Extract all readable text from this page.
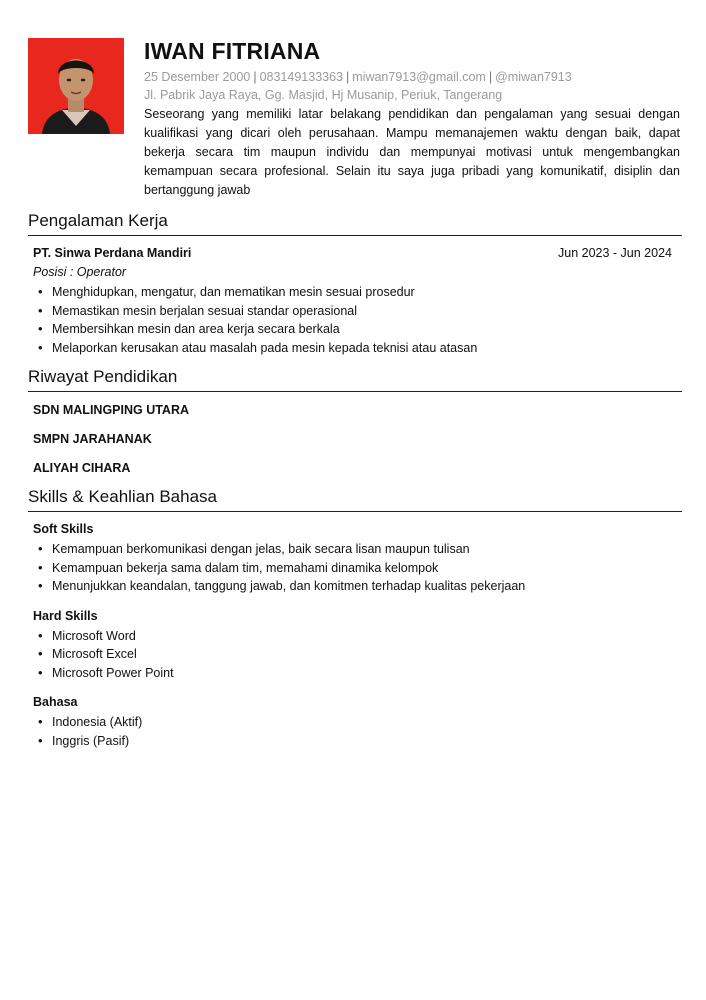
IWAN FITRIANA
25 Desember 2000 | 083149133363 | miwan7913@gmail.com | @miwan7913
Jl. Pabrik Jaya Raya, Gg. Masjid, Hj Musanip, Periuk, Tangerang
Seseorang yang memiliki latar belakang pendidikan dan pengalaman yang sesuai dengan kualifikasi yang dicari oleh perusahaan. Mampu memanajemen waktu dengan baik, dapat bekerja secara tim maupun individu dan mempunyai motivasi untuk mengembangkan kemampuan secara profesional. Selain itu saya juga pribadi yang komunikatif, disiplin dan bertanggung jawab
Pengalaman Kerja
PT. Sinwa Perdana Mandiri	Jun 2023 - Jun 2024
Posisi : Operator
• Menghidupkan, mengatur, dan mematikan mesin sesuai prosedur
• Memastikan mesin berjalan sesuai standar operasional
• Membersihkan mesin dan area kerja secara berkala
• Melaporkan kerusakan atau masalah pada mesin kepada teknisi atau atasan
Riwayat Pendidikan
SDN MALINGPING UTARA
SMPN JARAHANAK
ALIYAH CIHARA
Skills & Keahlian Bahasa
Soft Skills
• Kemampuan berkomunikasi dengan jelas, baik secara lisan maupun tulisan
• Kemampuan bekerja sama dalam tim, memahami dinamika kelompok
• Menunjukkan keandalan, tanggung jawab, dan komitmen terhadap kualitas pekerjaan
Hard Skills
• Microsoft Word
• Microsoft Excel
• Microsoft Power Point
Bahasa
• Indonesia (Aktif)
• Inggris (Pasif)
